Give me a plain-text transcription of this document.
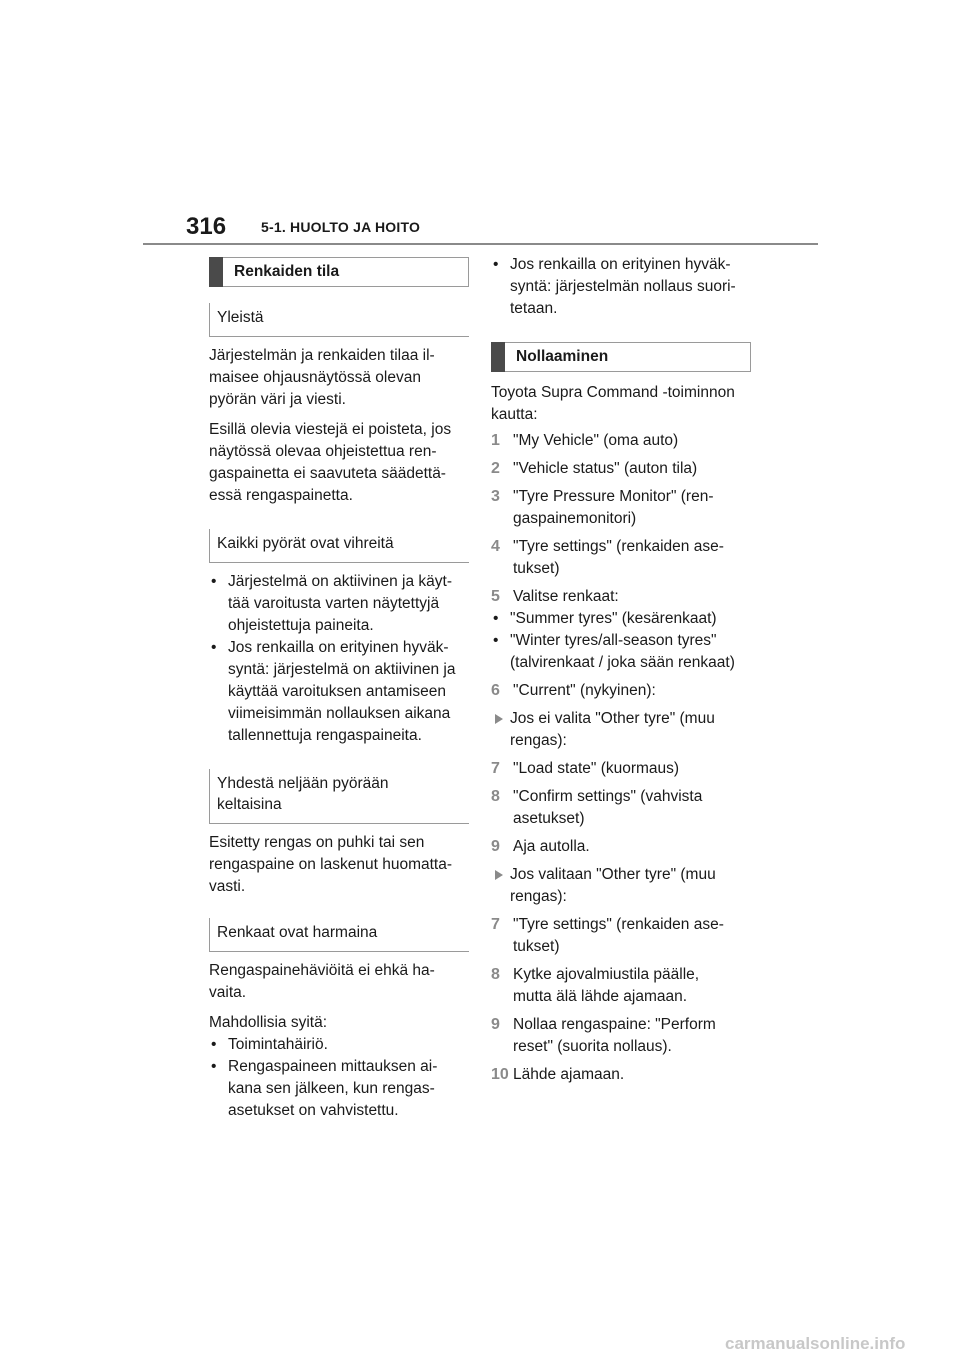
316 5-1. HUOLTO JA HOITO
Renkaiden tila
Yleistä

Järjestelmän ja renkaiden tilaa il-
maisee ohjausnäytössä olevan
pyörän väri ja viesti.

Esillä olevia viestejä ei poisteta, jos
näytössä olevaa ohjeistettua ren-
gaspainetta ei saavuteta säädettä-
essä rengaspainetta.

Kaikki pyörät ovat vihreitä
• Järjestelmä on aktiivinen ja käyt-
tää varoitusta varten näytettyjä
ohjeistettuja paineita.
• Jos renkailla on erityinen hyväk-
syntä: järjestelmä on aktiivinen ja
käyttää varoituksen antamiseen
viimeisimmän nollauksen aikana
tallennettuja rengaspaineita.
Yhdestä neljään pyörään
keltaisina

Esitetty rengas on puhki tai sen
rengaspaine on laskenut huomatta-
vasti.

Renkaat ovat harmaina

Rengaspainehäviöitä ei ehkä ha-
vaita.

Mahdollisia syitä:

• Toimintahäiriö.
• Rengaspaineen mittauksen ai-
kana sen jälkeen, kun rengas-
asetukset on vahvistettu.
• Jos renkailla on erityinen hyväk-
syntä: järjestelmän nollaus suori-
tetaan.
Nollaaminen

Toyota Supra Command -toiminnon
kautta:

1 "My Vehicle" (oma auto)
2 "Vehicle status" (auton tila)
3 "Tyre Pressure Monitor" (ren-
gaspainemonitori)
4 "Tyre settings" (renkaiden ase-
tukset)
5 Valitse renkaat:
• "Summer tyres" (kesärenkaat)
• "Winter tyres/all-season tyres"
(talvirenkaat / joka sään renkaat)
6 "Current" (nykyinen):
Jos ei valita "Other tyre" (muu
rengas):
7 "Load state" (kuormaus)
8 "Confirm settings" (vahvista
asetukset)
9 Aja autolla.
Jos valitaan "Other tyre" (muu
rengas):
7 "Tyre settings" (renkaiden ase-
tukset)
8 Kytke ajovalmiustila päälle,
mutta älä lähde ajamaan.
9 Nollaa rengaspaine: "Perform
reset" (suorita nollaus).
10 Lähde ajamaan.
carmanualsonline.info
